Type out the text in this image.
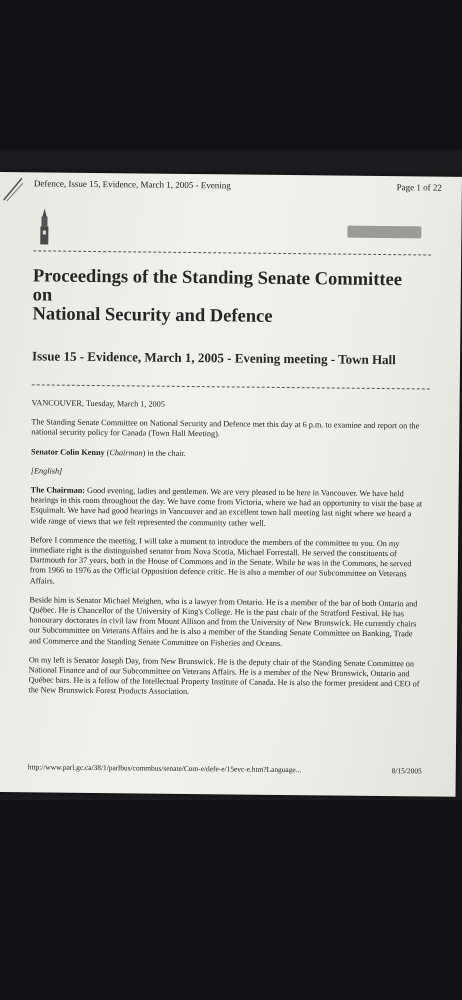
Defence, Issue 15, Evidence, March 1, 2005 - Evening	Page 1 of 22
Proceedings of the Standing Senate Committee
on
National Security and Defence
Issue 15 - Evidence, March 1, 2005 - Evening meeting - Town Hall

VANCOUVER, Tuesday, March 1, 2005

The Standing Senate Committee on National Security and Defence met this day at 6 p.m. to examine and report on the national security policy for Canada (Town Hall Meeting).

Senator Colin Kenny (Chairman) in the chair.

[English]

The Chairman: Good evening, ladies and gentlemen. We are very pleased to be here in Vancouver. We have held hearings in this room throughout the day. We have come from Victoria, where we had an opportunity to visit the base at Esquimalt. We have had good hearings in Vancouver and an excellent town hall meeting last night where we heard a wide range of views that we felt represented the community rather well.

Before I commence the meeting, I will take a moment to introduce the members of the committee to you. On my immediate right is the distinguished senator from Nova Scotia, Michael Forrestall. He served the constituents of Dartmouth for 37 years, both in the House of Commons and in the Senate. While he was in the Commons, he served from 1966 to 1976 as the Official Opposition defence critic. He is also a member of our Subcommittee on Veterans Affairs.

Beside him is Senator Michael Meighen, who is a lawyer from Ontario. He is a member of the bar of both Ontario and Québec. He is Chancellor of the University of King's College. He is the past chair of the Stratford Festival. He has honourary doctorates in civil law from Mount Allison and from the University of New Brunswick. He currently chairs our Subcommittee on Veterans Affairs and he is also a member of the Standing Senate Committee on Banking, Trade and Commerce and the Standing Senate Committee on Fisheries and Oceans.

On my left is Senator Joseph Day, from New Brunswick. He is the deputy chair of the Standing Senate Committee on National Finance and of our Subcommittee on Veterans Affairs. He is a member of the New Brunswick, Ontario and Québec bars. He is a fellow of the Intellectual Property Institute of Canada. He is also the former president and CEO of the New Brunswick Forest Products Association.

http://www.parl.gc.ca/38/1/parlbus/commbus/senate/Com-e/defe-e/15evc-e.htm?Language...	8/15/2005
